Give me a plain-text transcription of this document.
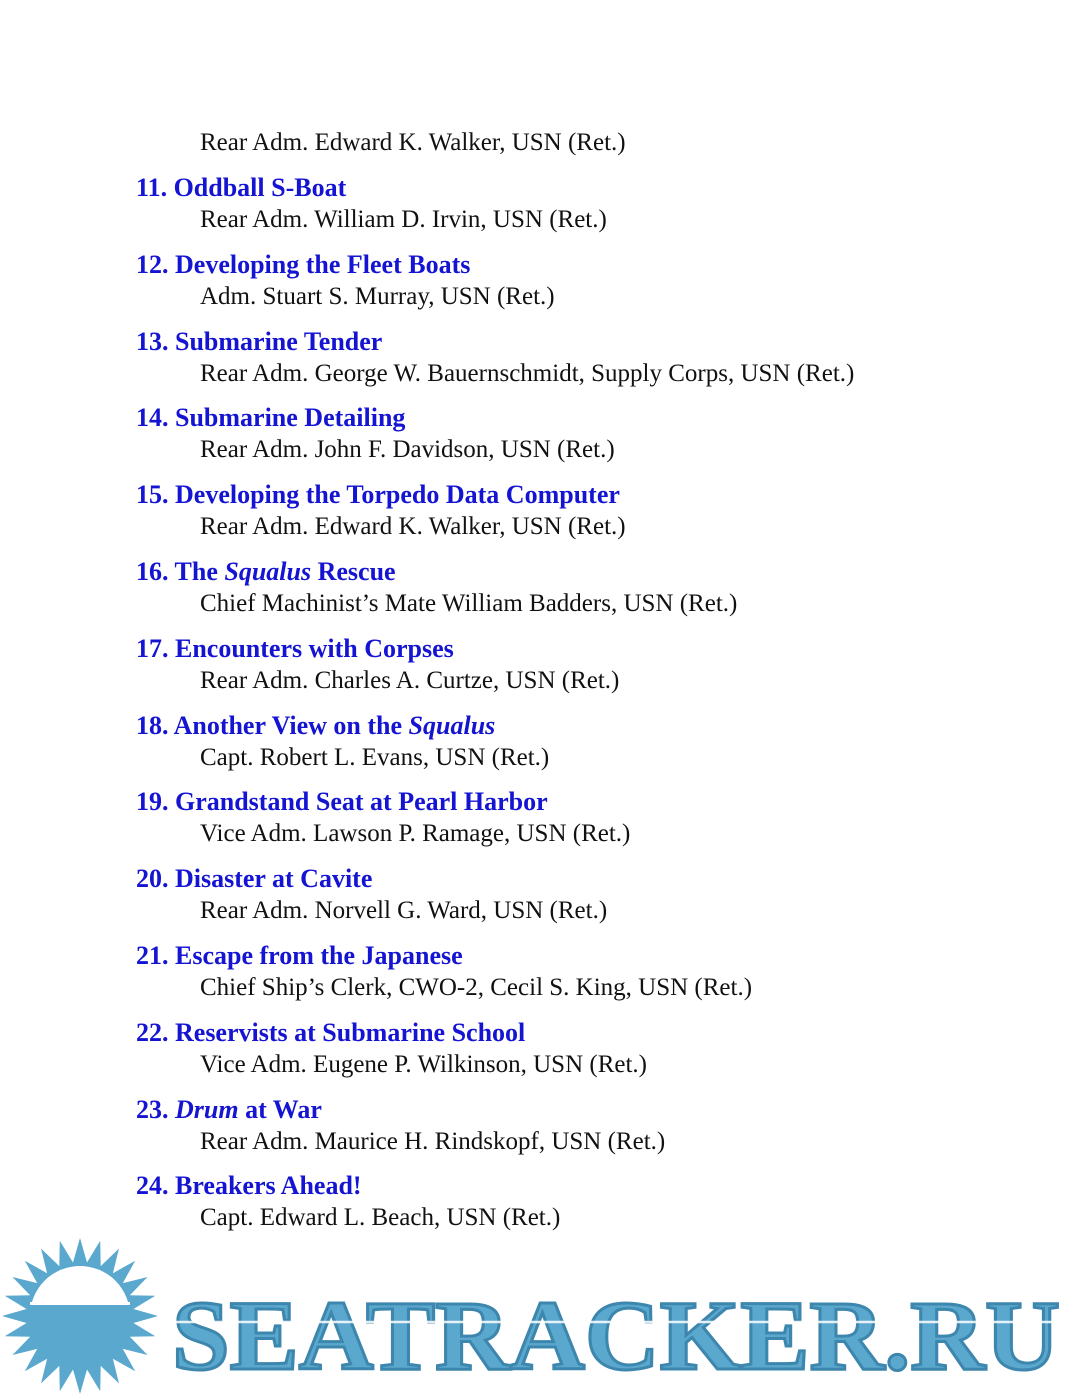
Rear Adm. Edward K. Walker, USN (Ret.)
11. Oddball S-Boat
Rear Adm. William D. Irvin, USN (Ret.)
12. Developing the Fleet Boats
Adm. Stuart S. Murray, USN (Ret.)
13. Submarine Tender
Rear Adm. George W. Bauernschmidt, Supply Corps, USN (Ret.)
14. Submarine Detailing
Rear Adm. John F. Davidson, USN (Ret.)
15. Developing the Torpedo Data Computer
Rear Adm. Edward K. Walker, USN (Ret.)
16. The Squalus Rescue
Chief Machinist’s Mate William Badders, USN (Ret.)
17. Encounters with Corpses
Rear Adm. Charles A. Curtze, USN (Ret.)
18. Another View on the Squalus
Capt. Robert L. Evans, USN (Ret.)
19. Grandstand Seat at Pearl Harbor
Vice Adm. Lawson P. Ramage, USN (Ret.)
20. Disaster at Cavite
Rear Adm. Norvell G. Ward, USN (Ret.)
21. Escape from the Japanese
Chief Ship’s Clerk, CWO-2, Cecil S. King, USN (Ret.)
22. Reservists at Submarine School
Vice Adm. Eugene P. Wilkinson, USN (Ret.)
23. Drum at War
Rear Adm. Maurice H. Rindskopf, USN (Ret.)
24. Breakers Ahead!
Capt. Edward L. Beach, USN (Ret.)
SEATRACKER.RU
